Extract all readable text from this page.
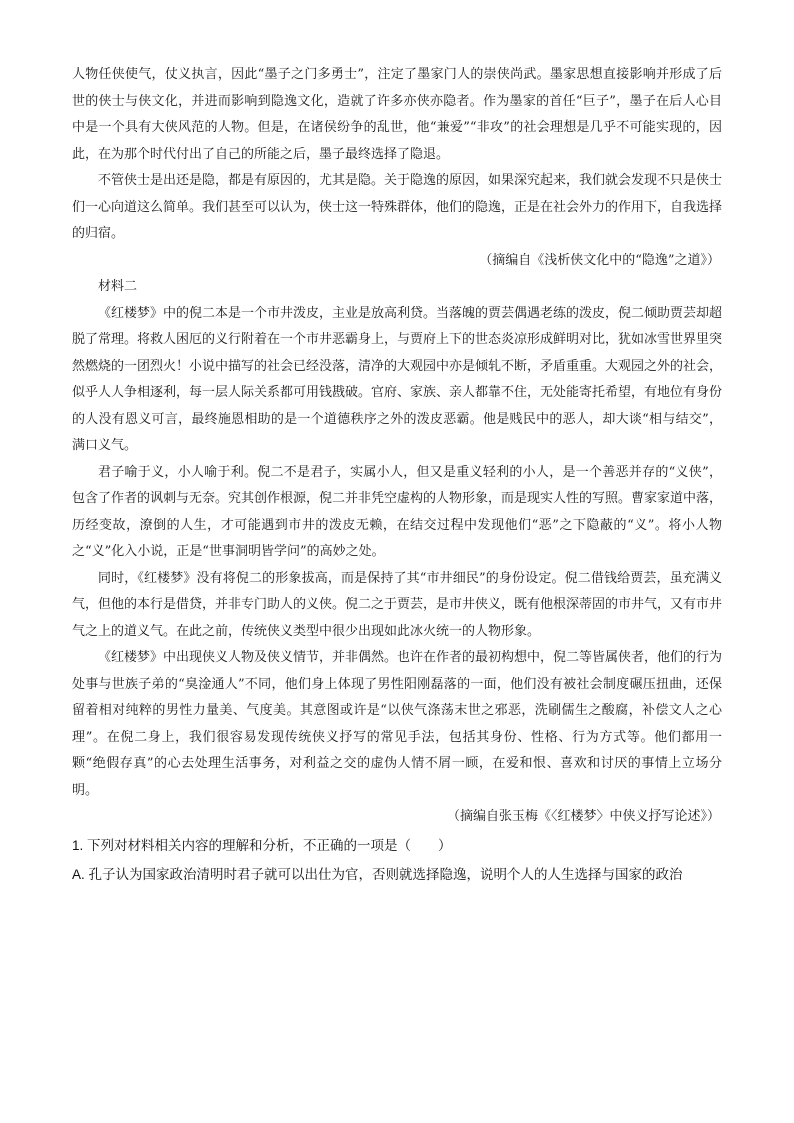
人物任侠使气，仗义执言，因此“墨子之门多勇士”，注定了墨家门人的崇侠尚武。墨家思想直接影响并形成了后世的侠士与侠文化，并进而影响到隐逸文化，造就了许多亦侠亦隐者。作为墨家的首任“巨子”，墨子在后人心目中是一个具有大侠风范的人物。但是，在诸侯纷争的乱世，他“兼爱”“非攻”的社会理想是几乎不可能实现的，因此，在为那个时代付出了自己的所能之后，墨子最终选择了隐退。

不管侠士是出还是隐，都是有原因的，尤其是隐。关于隐逸的原因，如果深究起来，我们就会发现不只是侠士们一心向道这么简单。我们甚至可以认为，侠士这一特殊群体，他们的隐逸，正是在社会外力的作用下，自我选择的归宿。

（摘编自《浅析侠文化中的“隐逸”之道》）

材料二

《红楼梦》中的倪二本是一个市井泼皮，主业是放高利贷。当落魄的贾芸偶遇老练的泼皮，倪二倾助贾芸却超脱了常理。将救人困厄的义行附着在一个市井恶霸身上，与贾府上下的世态炎凉形成鲜明对比，犹如冰雪世界里突然燃烧的一团烈火！小说中描写的社会已经没落，清净的大观园中亦是倾轧不断，矛盾重重。大观园之外的社会，似乎人人争相逐利，每一层人际关系都可用钱戡破。官府、家族、亲人都靠不住，无处能寄托希望，有地位有身份的人没有恩义可言，最终施恩相助的是一个道德秩序之外的泼皮恶霸。他是贱民中的恶人，却大谈“相与结交”，满口义气。

君子喻于义，小人喻于利。倪二不是君子，实属小人，但又是重义轻利的小人，是一个善恶并存的“义侠”，包含了作者的讽刺与无奈。究其创作根源，倪二并非凭空虚构的人物形象，而是现实人性的写照。曹家家道中落，历经变故，潦倒的人生，才可能遇到市井的泼皮无赖，在结交过程中发现他们“恶”之下隐蔽的“义”。将小人物之“义”化入小说，正是“世事洞明皆学问”的高妙之处。

同时，《红楼梦》没有将倪二的形象拔高，而是保持了其“市井细民”的身份设定。倪二借钱给贾芸，虽充满义气，但他的本行是借贷，并非专门助人的义侠。倪二之于贾芸，是市井侠义，既有他根深蒂固的市井气，又有市井气之上的道义气。在此之前，传统侠义类型中很少出现如此冰火统一的人物形象。

《红楼梦》中出现侠义人物及侠义情节，并非偶然。也许在作者的最初构想中，倪二等皆属侠者，他们的行为处事与世族子弟的“臭淦通人”不同，他们身上体现了男性阳刚磊落的一面，他们没有被社会制度碾压扭曲，还保留着相对纯粹的男性力量美、气度美。其意图或许是“以侠气涤荡末世之邪恶，洗刷儒生之酸腐，补偿文人之心理”。在倪二身上，我们很容易发现传统侠义抒写的常见手法，包括其身份、性格、行为方式等。他们都用一颗“绝假存真”的心去处理生活事务，对利益之交的虚伪人情不屑一顾，在爱和恨、喜欢和讨厌的事情上立场分明。

（摘编自张玉梅《〈红楼梦〉中侠义抒写论述》）

1. 下列对材料相关内容的理解和分析，不正确的一项是（　　）

A. 孔子认为国家政治清明时君子就可以出仕为官，否则就选择隐逸，说明个人的人生选择与国家的政治
